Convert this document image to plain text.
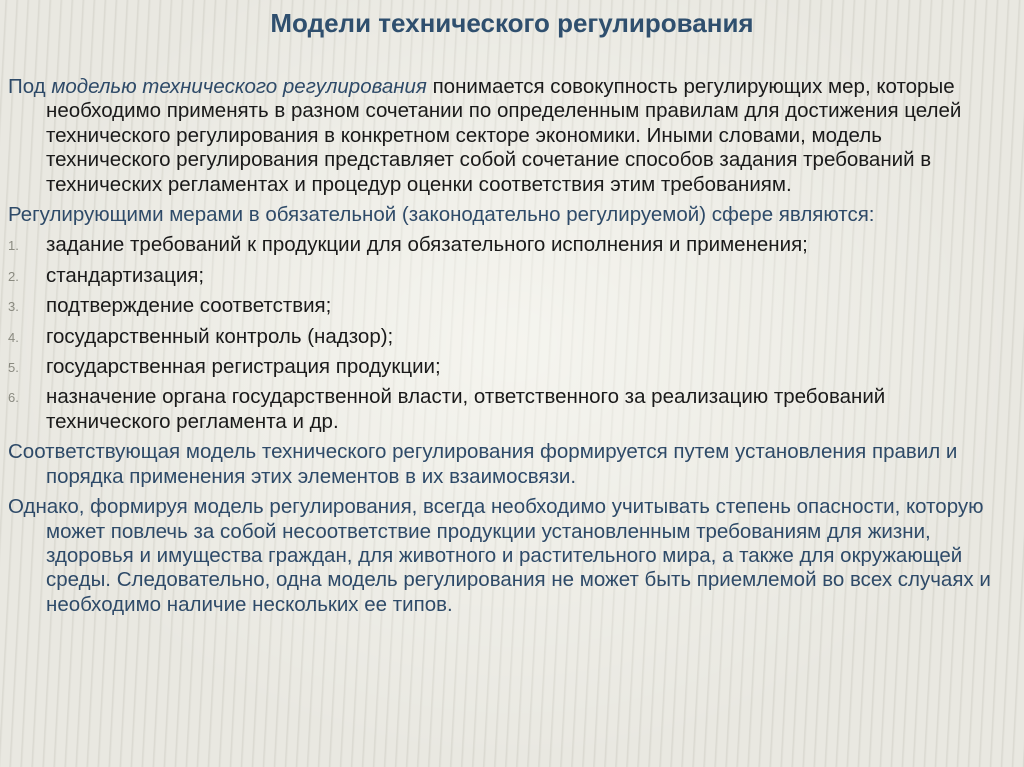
Модели технического регулирования

Под моделью технического регулирования понимается совокупность регулирующих мер, которые необходимо применять в разном сочетании по определенным правилам для достижения целей технического регулирования в конкретном секторе экономики. Иными словами, модель технического регулирования представляет собой сочетание способов задания требований в технических регламентах и процедур оценки соответствия этим требованиям.

Регулирующими мерами в обязательной (законодательно регулируемой) сфере являются:

1. задание требований к продукции для обязательного исполнения и применения;
2. стандартизация;
3. подтверждение соответствия;
4. государственный контроль (надзор);
5. государственная регистрация продукции;
6. назначение органа государственной власти, ответственного за реализацию требований технического регламента и др.

Соответствующая модель технического регулирования формируется путем установления правил и порядка применения этих элементов в их взаимосвязи.

Однако, формируя модель регулирования, всегда необходимо учитывать степень опасности, которую может повлечь за собой несоответствие продукции установленным требованиям для жизни, здоровья и имущества граждан, для животного и растительного мира, а также для окружающей среды. Следовательно, одна модель регулирования не может быть приемлемой во всех случаях и необходимо наличие нескольких ее типов.
